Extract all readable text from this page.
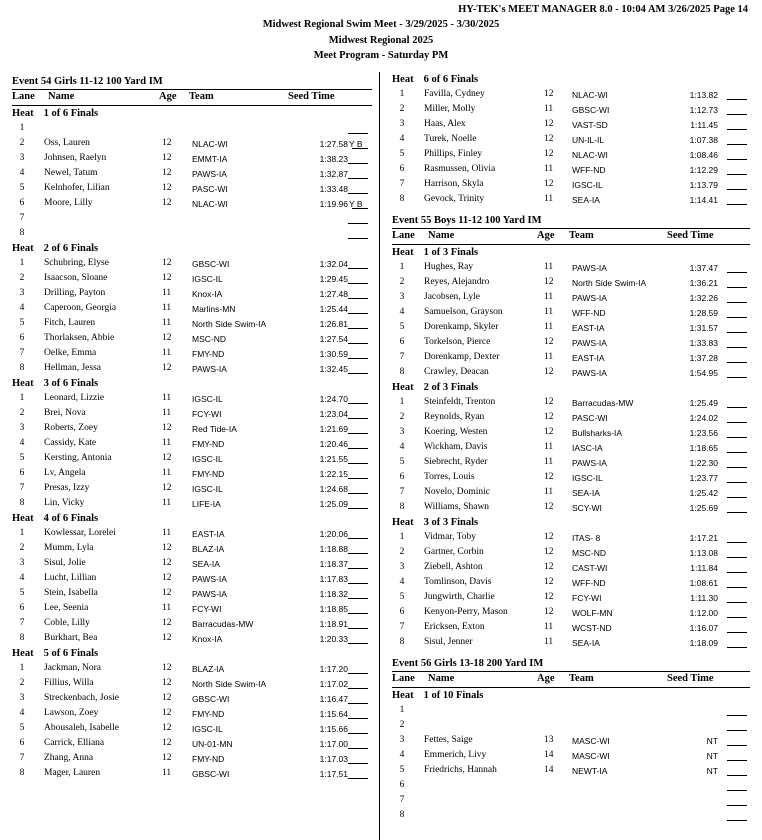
HY-TEK's MEET MANAGER 8.0 - 10:04 AM 3/26/2025 Page 14
Midwest Regional Swim Meet - 3/29/2025 - 3/30/2025
Midwest Regional 2025
Meet Program - Saturday PM
Event 54 Girls 11-12 100 Yard IM
Lane Name	Age Team	Seed Time
Heat 1 of 6 Finals
1
2	Oss, Lauren	12 NLAC-WI	1:27.58 Y B
3	Johnsen, Raelyn	12 EMMT-IA	1:38.23
4	Newel, Tatum	12 PAWS-IA	1:32.87
5	Kelnhofer, Lilian	12 PASC-WI	1:33.48
6	Moore, Lilly	12 NLAC-WI	1:19.96 Y B
7
8
Heat 2 of 6 Finals
1	Schubring, Elyse	12 GBSC-WI	1:32.04
2	Isaacson, Sloane	12 IGSC-IL	1:29.45
3	Drilling, Payton	11 Knox-IA	1:27.48
4	Caperoon, Georgia	11 Marlins-MN	1:25.44
5	Fitch, Lauren	11 North Side Swim-IA	1:26.81
6	Thorlaksen, Abbie	12 MSC-ND	1:27.54
7	Oelke, Emma	11 FMY-ND	1:30.59
8	Hellman, Jessa	12 PAWS-IA	1:32.45
Heat 3 of 6 Finals
1	Leonard, Lizzie	11 IGSC-IL	1:24.70
2	Brei, Nova	11 FCY-WI	1:23.04
3	Roberts, Zoey	12 Red Tide-IA	1:21.69
4	Cassidy, Kate	11 FMY-ND	1:20.46
5	Kersting, Antonia	12 IGSC-IL	1:21.55
6	Lv, Angela	11 FMY-ND	1:22.15
7	Presas, Izzy	12 IGSC-IL	1:24.68
8	Lin, Vicky	11 LIFE-IA	1:25.09
Heat 4 of 6 Finals
1	Kowlessar, Lorelei	11 EAST-IA	1:20.06
2	Mumm, Lyla	12 BLAZ-IA	1:18.88
3	Sisul, Jolie	12 SEA-IA	1:18.37
4	Lucht, Lillian	12 PAWS-IA	1:17.83
5	Stein, Isabella	12 PAWS-IA	1:18.32
6	Lee, Seenia	11 FCY-WI	1:18.85
7	Coble, Lilly	12 Barracudas-MW	1:18.91
8	Burkhart, Bea	12 Knox-IA	1:20.33
Heat 5 of 6 Finals
1	Jackman, Nora	12 BLAZ-IA	1:17.20
2	Fillius, Willa	12 North Side Swim-IA	1:17.02
3	Streckenbach, Josie	12 GBSC-WI	1:16.47
4	Lawson, Zoey	12 FMY-ND	1:15.64
5	Abousaleh, Isabelle	12 IGSC-IL	1:15.66
6	Carrick, Elliana	12 UN-01-MN	1:17.00
7	Zhang, Anna	12 FMY-ND	1:17.03
8	Mager, Lauren	11 GBSC-WI	1:17.51
Heat 6 of 6 Finals
1	Favilla, Cydney	12 NLAC-WI	1:13.82
2	Miller, Molly	11 GBSC-WI	1:12.73
3	Haas, Alex	12 VAST-SD	1:11.45
4	Turek, Noelle	12 UN-IL-IL	1:07.38
5	Phillips, Finley	12 NLAC-WI	1:08.46
6	Rasmussen, Olivia	11 WFF-ND	1:12.29
7	Harrison, Skyla	12 IGSC-IL	1:13.79
8	Gevock, Trinity	11 SEA-IA	1:14.41
Event 55 Boys 11-12 100 Yard IM
Lane Name	Age Team	Seed Time
Heat 1 of 3 Finals
1	Hughes, Ray	11 PAWS-IA	1:37.47
2	Reyes, Alejandro	12 North Side Swim-IA	1:36.21
3	Jacobsen, Lyle	11 PAWS-IA	1:32.26
4	Samuelson, Grayson	11 WFF-ND	1:28.59
5	Dorenkamp, Skyler	11 EAST-IA	1:31.57
6	Torkelson, Pierce	12 PAWS-IA	1:33.83
7	Dorenkamp, Dexter	11 EAST-IA	1:37.28
8	Crawley, Deacan	12 PAWS-IA	1:54.95
Heat 2 of 3 Finals
1	Steinfeldt, Trenton	12 Barracudas-MW	1:25.49
2	Reynolds, Ryan	12 PASC-WI	1:24.02
3	Koering, Westen	12 Bullsharks-IA	1:23.56
4	Wickham, Davis	11 IASC-IA	1:18.65
5	Siebrecht, Ryder	11 PAWS-IA	1:22.30
6	Torres, Louis	12 IGSC-IL	1:23.77
7	Novelo, Dominic	11 SEA-IA	1:25.42
8	Williams, Shawn	12 SCY-WI	1:25.69
Heat 3 of 3 Finals
1	Vidmar, Toby	12 ITAS- 8	1:17.21
2	Gartner, Corbin	12 MSC-ND	1:13.08
3	Ziebell, Ashton	12 CAST-WI	1:11.84
4	Tomlinson, Davis	12 WFF-ND	1:08.61
5	Jungwirth, Charlie	12 FCY-WI	1:11.30
6	Kenyon-Perry, Mason	12 WOLF-MN	1:12.00
7	Ericksen, Exton	11 WCST-ND	1:16.07
8	Sisul, Jenner	11 SEA-IA	1:18.09
Event 56 Girls 13-18 200 Yard IM
Lane Name	Age Team	Seed Time
Heat 1 of 10 Finals
1
2
3	Fettes, Saige	13 MASC-WI	NT
4	Emmerich, Livy	14 MASC-WI	NT
5	Friedrichs, Hannah	14 NEWT-IA	NT
6
7
8
